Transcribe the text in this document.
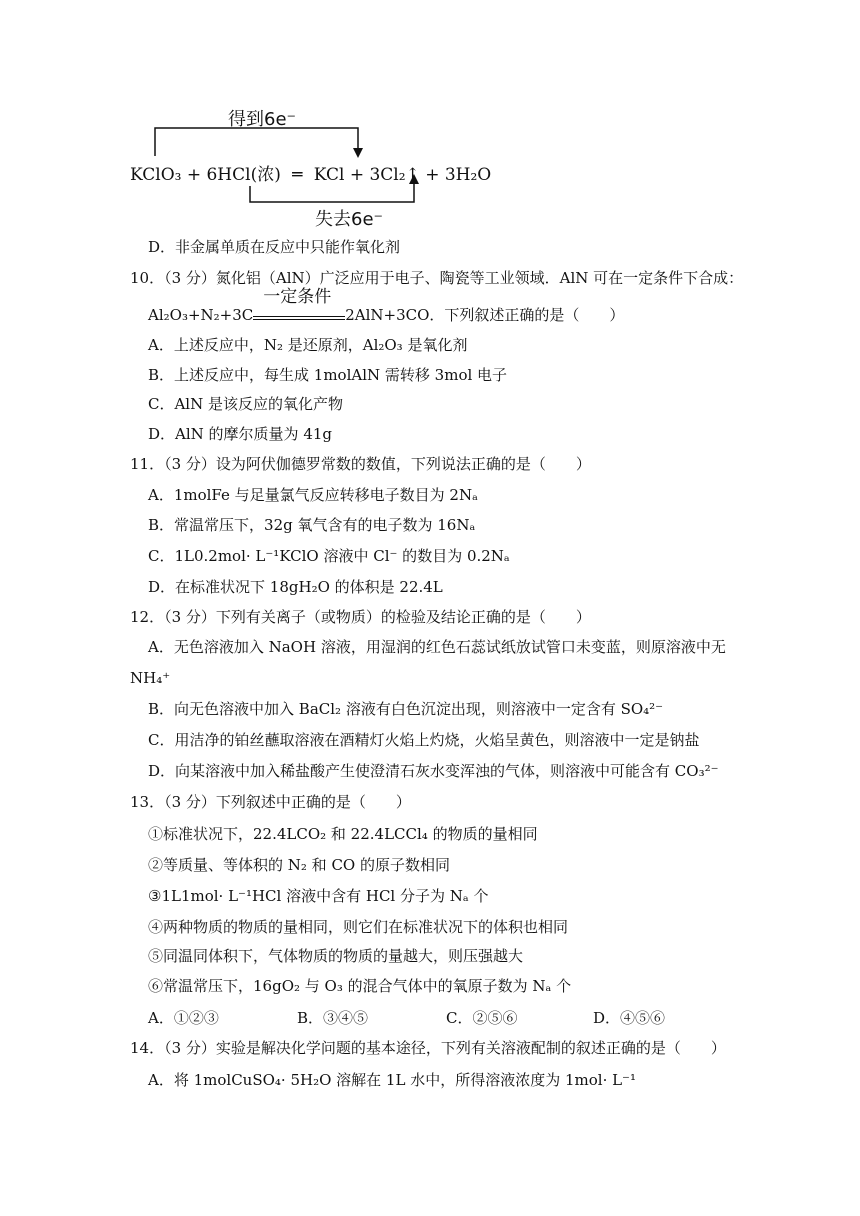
得到6e⁻
KClO₃ + 6HCl(浓)  ═  KCl + 3Cl₂↑ + 3H₂O
失去6e⁻
D．非金属单质在反应中只能作氧化剂
10．（3 分）氮化铝（AlN）广泛应用于电子、陶瓷等工业领域．AlN 可在一定条件下合成：
Al₂O₃+N₂+3C
一定条件
2AlN+3CO．下列叙述正确的是（　　）
A．上述反应中，N₂ 是还原剂，Al₂O₃ 是氧化剂
B．上述反应中，每生成 1molAlN 需转移 3mol 电子
C．AlN 是该反应的氧化产物
D．AlN 的摩尔质量为 41g
11．（3 分）设为阿伏伽德罗常数的数值，下列说法正确的是（　　）
A．1molFe 与足量氯气反应转移电子数目为 2Nₐ
B．常温常压下，32g 氧气含有的电子数为 16Nₐ
C．1L0.2mol· L⁻¹KClO 溶液中 Cl⁻ 的数目为 0.2Nₐ
D．在标准状况下 18gH₂O 的体积是 22.4L
12．（3 分）下列有关离子（或物质）的检验及结论正确的是（　　）
A．无色溶液加入 NaOH 溶液，用湿润的红色石蕊试纸放试管口未变蓝，则原溶液中无
NH₄⁺
B．向无色溶液中加入 BaCl₂ 溶液有白色沉淀出现，则溶液中一定含有 SO₄²⁻
C．用洁净的铂丝蘸取溶液在酒精灯火焰上灼烧，火焰呈黄色，则溶液中一定是钠盐
D．向某溶液中加入稀盐酸产生使澄清石灰水变浑浊的气体，则溶液中可能含有 CO₃²⁻
13．（3 分）下列叙述中正确的是（　　）
①标准状况下，22.4LCO₂ 和 22.4LCCl₄ 的物质的量相同
②等质量、等体积的 N₂ 和 CO 的原子数相同
③1L1mol· L⁻¹HCl 溶液中含有 HCl 分子为 Nₐ 个
④两种物质的物质的量相同，则它们在标准状况下的体积也相同
⑤同温同体积下，气体物质的物质的量越大，则压强越大
⑥常温常压下，16gO₂ 与 O₃ 的混合气体中的氧原子数为 Nₐ 个
A．①②③	B．③④⑤	C．②⑤⑥	D．④⑤⑥
14．（3 分）实验是解决化学问题的基本途径，下列有关溶液配制的叙述正确的是（　　）
A．将 1molCuSO₄· 5H₂O 溶解在 1L 水中，所得溶液浓度为 1mol· L⁻¹
